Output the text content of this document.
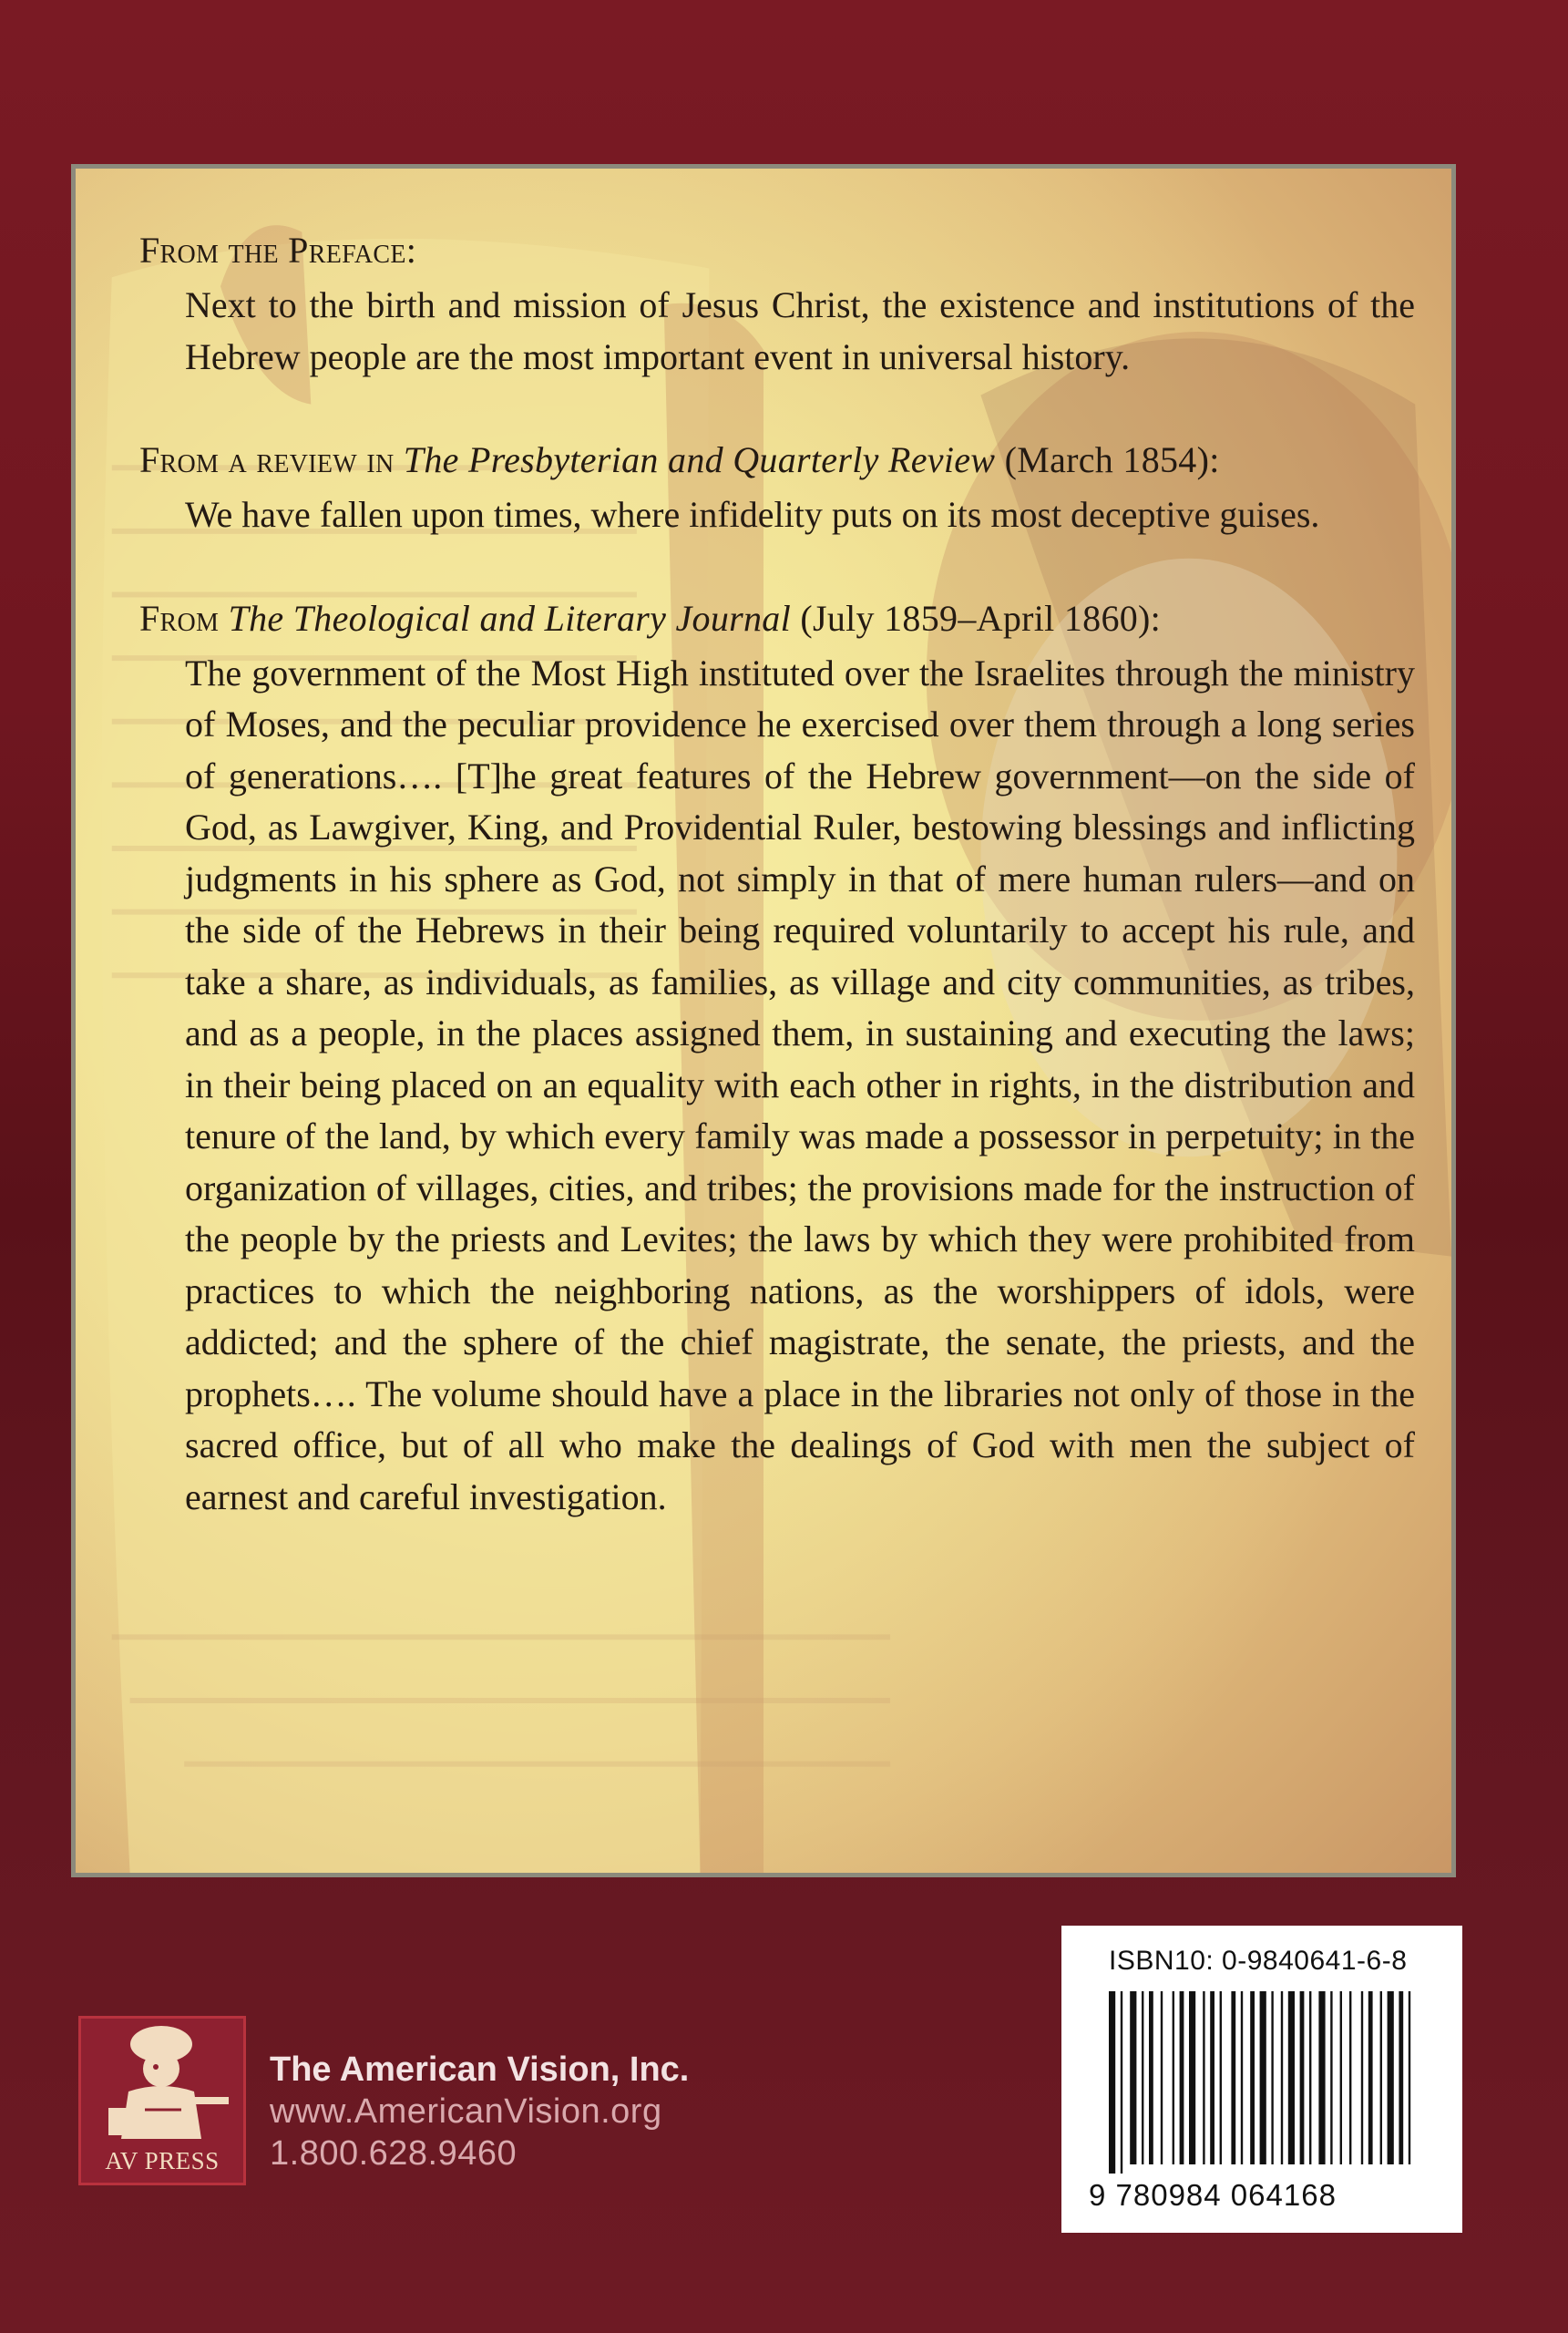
From the Preface:

Next to the birth and mission of Jesus Christ, the existence and institutions of the Hebrew people are the most important event in universal history.

From a review in The Presbyterian and Quarterly Review (March 1854):

We have fallen upon times, where infidelity puts on its most deceptive guises.

From The Theological and Literary Journal (July 1859–April 1860):

The government of the Most High instituted over the Israelites through the ministry of Moses, and the peculiar providence he exercised over them through a long series of generations…. [T]he great features of the Hebrew government—on the side of God, as Lawgiver, King, and Providential Ruler, bestowing blessings and inflicting judgments in his sphere as God, not simply in that of mere human rulers—and on the side of the Hebrews in their being required voluntarily to accept his rule, and take a share, as individuals, as families, as village and city communities, as tribes, and as a people, in the places assigned them, in sustaining and executing the laws; in their being placed on an equality with each other in rights, in the distribution and tenure of the land, by which every family was made a possessor in perpetuity; in the organization of villages, cities, and tribes; the provisions made for the instruction of the people by the priests and Levites; the laws by which they were prohibited from practices to which the neighboring nations, as the worshippers of idols, were addicted; and the sphere of the chief magistrate, the senate, the priests, and the prophets…. The volume should have a place in the libraries not only of those in the sacred office, but of all who make the dealings of God with men the subject of earnest and careful investigation.

AV PRESS
The American Vision, Inc.
www.AmericanVision.org
1.800.628.9460
ISBN10: 0-9840641-6-8
9 780984 064168
